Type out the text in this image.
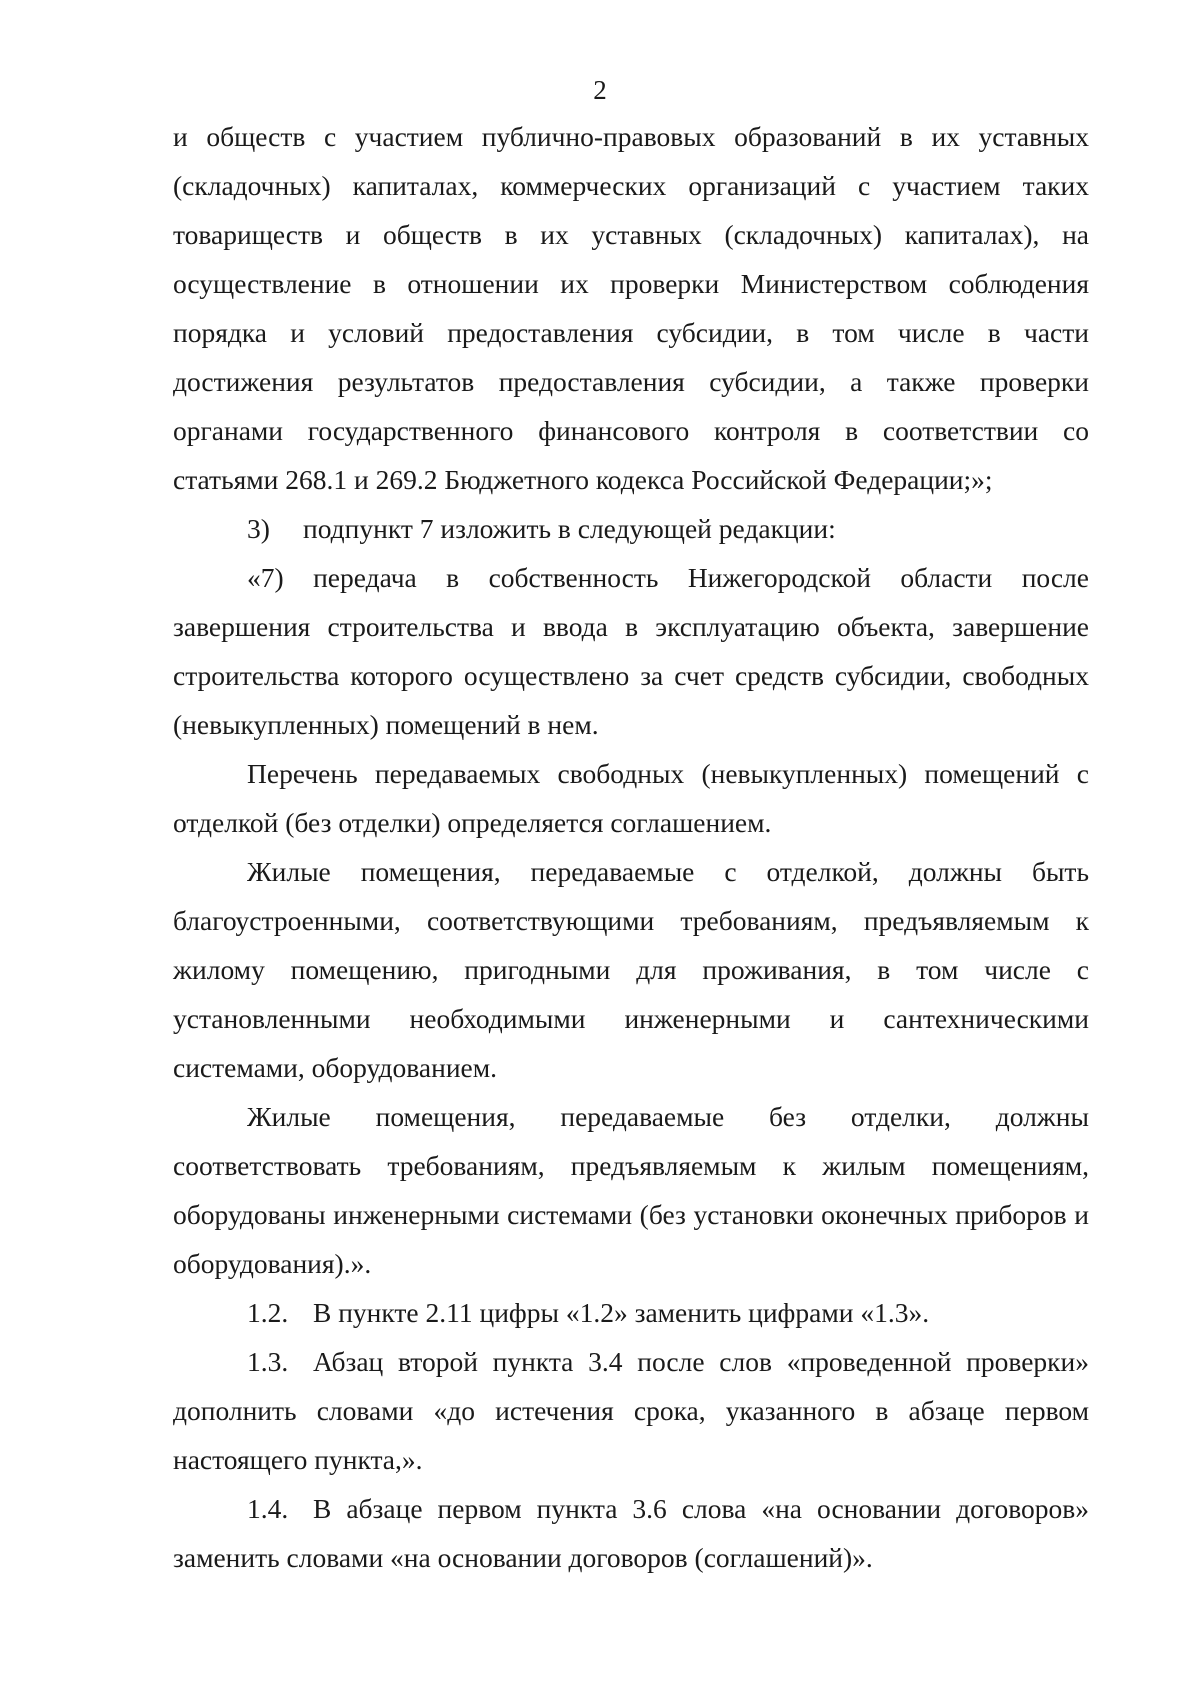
2

и обществ с участием публично-правовых образований в их уставных (складочных) капиталах, коммерческих организаций с участием таких товариществ и обществ в их уставных (складочных) капиталах), на осуществление в отношении их проверки Министерством соблюдения порядка и условий предоставления субсидии, в том числе в части достижения результатов предоставления субсидии, а также проверки органами государственного финансового контроля в соответствии со статьями 268.1 и 269.2 Бюджетного кодекса Российской Федерации;»;

3) подпункт 7 изложить в следующей редакции:

«7) передача в собственность Нижегородской области после завершения строительства и ввода в эксплуатацию объекта, завершение строительства которого осуществлено за счет средств субсидии, свободных (невыкупленных) помещений в нем.

Перечень передаваемых свободных (невыкупленных) помещений с отделкой (без отделки) определяется соглашением.

Жилые помещения, передаваемые с отделкой, должны быть благоустроенными, соответствующими требованиям, предъявляемым к жилому помещению, пригодными для проживания, в том числе с установленными необходимыми инженерными и сантехническими системами, оборудованием.

Жилые помещения, передаваемые без отделки, должны соответствовать требованиям, предъявляемым к жилым помещениям, оборудованы инженерными системами (без установки оконечных приборов и оборудования).».

1.2. В пункте 2.11 цифры «1.2» заменить цифрами «1.3».

1.3. Абзац второй пункта 3.4 после слов «проведенной проверки» дополнить словами «до истечения срока, указанного в абзаце первом настоящего пункта,».

1.4. В абзаце первом пункта 3.6 слова «на основании договоров» заменить словами «на основании договоров (соглашений)».
